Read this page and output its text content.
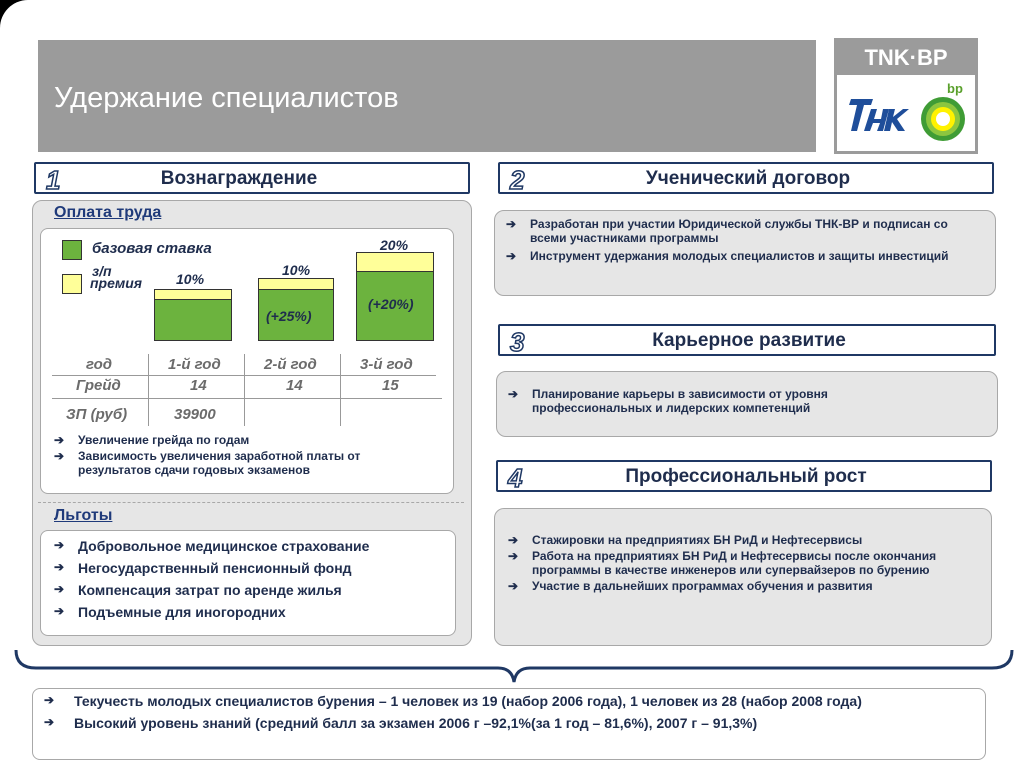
Удержание специалистов
TNK·BP
bp
1	Вознаграждение
Оплата труда
базовая ставка
з/п
премия 10%
10%
(+25%)
20%
(+20%)
год	1-й год	2-й год	3-й год
Грейд	14	14	15
ЗП (руб)	39900
➔ Увеличение грейда по годам
➔ Зависимость увеличения заработной платы от результатов сдачи годовых экзаменов
Льготы
➔ Добровольное медицинское страхование
➔ Негосударственный пенсионный фонд
➔ Компенсация затрат по аренде жилья
➔ Подъемные для иногородних
2	Ученический договор
➔ Разработан при участии Юридической службы ТНК-ВР и подписан со всеми участниками программы
➔ Инструмент удержания молодых специалистов и защиты инвестиций
3	Карьерное развитие
➔ Планирование карьеры в зависимости от уровня профессиональных и лидерских компетенций
4	Профессиональный рост
➔ Стажировки на предприятиях БН РиД и Нефтесервисы
➔ Работа на предприятиях БН РиД и Нефтесервисы после окончания программы в качестве инженеров или супервайзеров по бурению
➔ Участие в дальнейших программах обучения и развития
➔ Текучесть молодых специалистов бурения – 1 человек из 19 (набор 2006 года), 1 человек из 28 (набор 2008 года)
➔ Высокий уровень знаний (средний балл за экзамен 2006 г –92,1%(за 1 год – 81,6%), 2007 г – 91,3%)
